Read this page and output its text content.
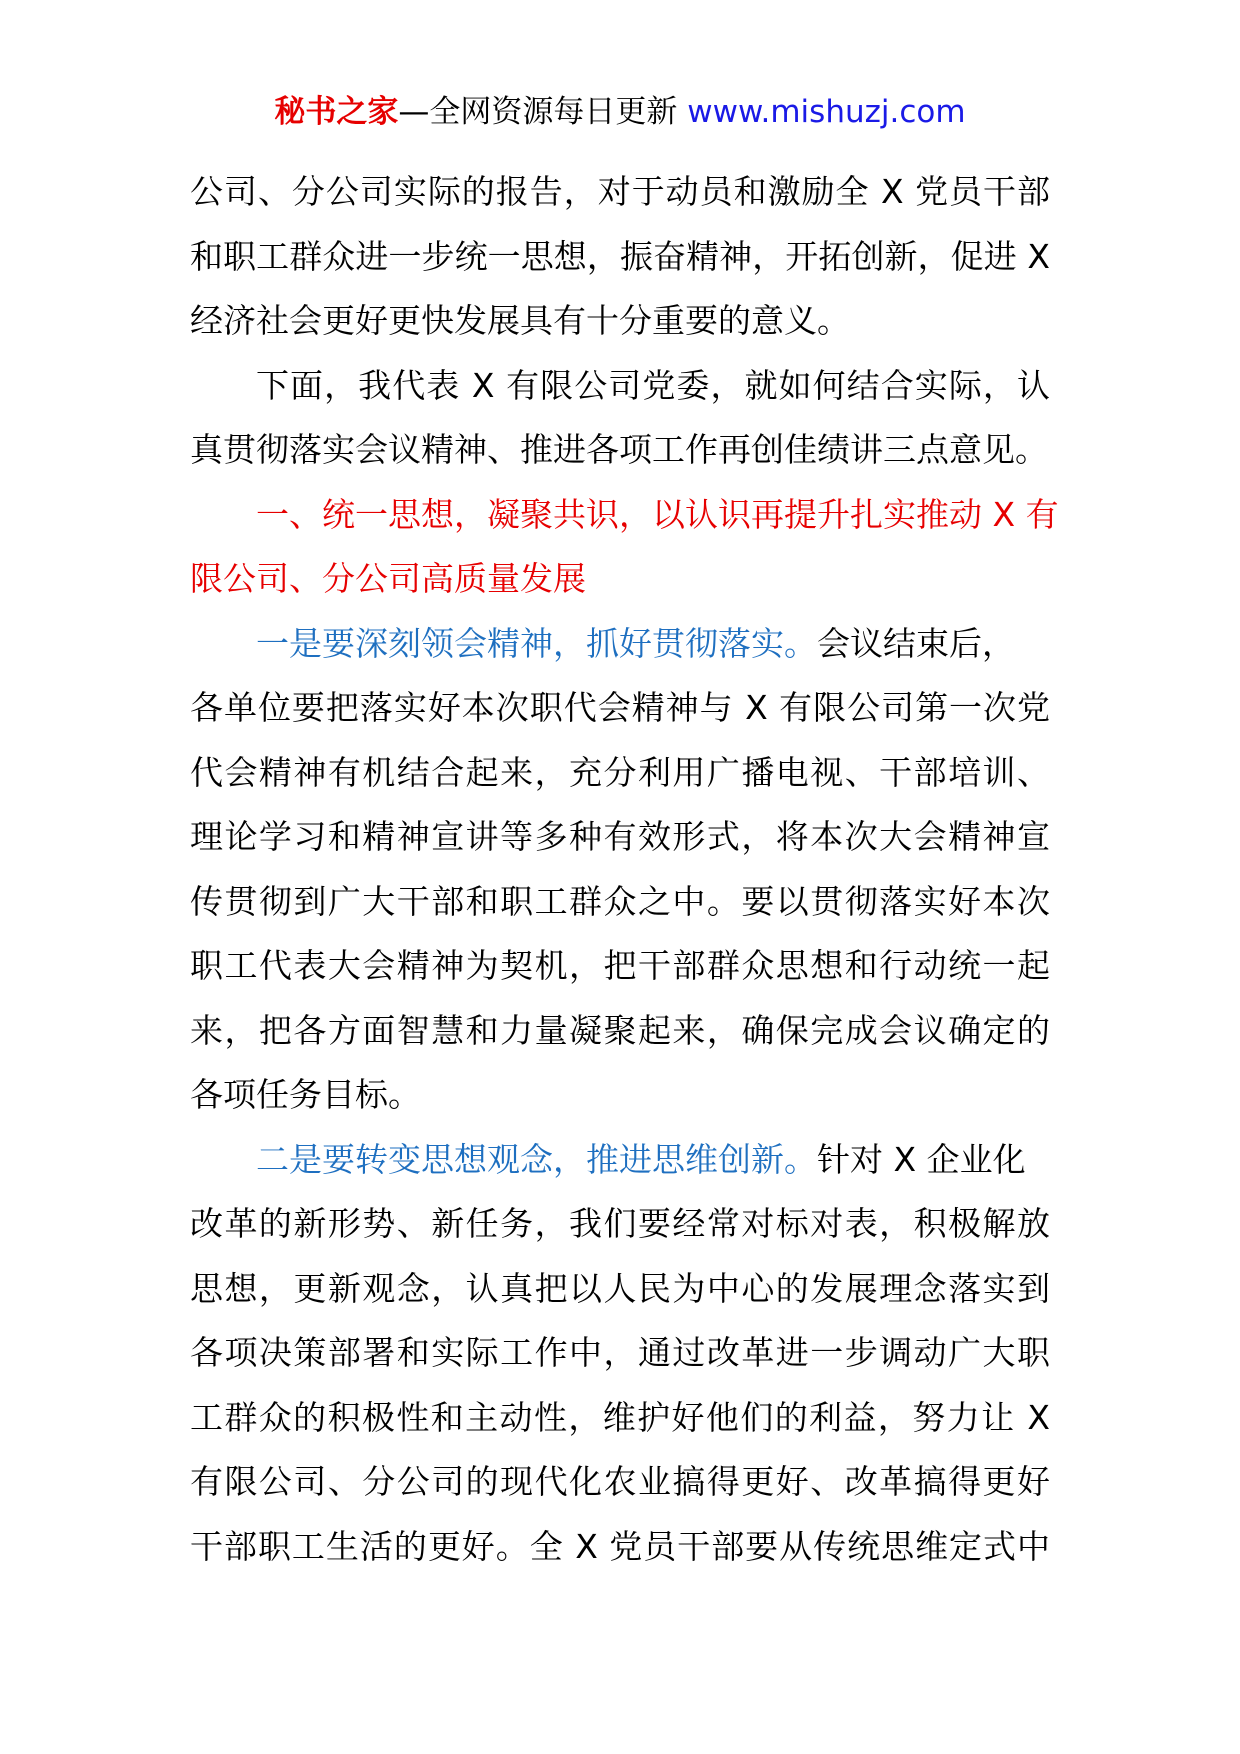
秘书之家—全网资源每日更新 www.mishuzj.com
公司、分公司实际的报告，对于动员和激励全 X 党员干部
和职工群众进一步统一思想，振奋精神，开拓创新，促进 X
经济社会更好更快发展具有十分重要的意义。
下面，我代表 X 有限公司党委，就如何结合实际，认
真贯彻落实会议精神、推进各项工作再创佳绩讲三点意见。
一、统一思想，凝聚共识，以认识再提升扎实推动 X 有
限公司、分公司高质量发展
一是要深刻领会精神，抓好贯彻落实。会议结束后，
各单位要把落实好本次职代会精神与 X 有限公司第一次党
代会精神有机结合起来，充分利用广播电视、干部培训、
理论学习和精神宣讲等多种有效形式，将本次大会精神宣
传贯彻到广大干部和职工群众之中。要以贯彻落实好本次
职工代表大会精神为契机，把干部群众思想和行动统一起
来，把各方面智慧和力量凝聚起来，确保完成会议确定的
各项任务目标。
二是要转变思想观念，推进思维创新。针对 X 企业化
改革的新形势、新任务，我们要经常对标对表，积极解放
思想，更新观念，认真把以人民为中心的发展理念落实到
各项决策部署和实际工作中，通过改革进一步调动广大职
工群众的积极性和主动性，维护好他们的利益，努力让 X
有限公司、分公司的现代化农业搞得更好、改革搞得更好
干部职工生活的更好。全 X 党员干部要从传统思维定式中
